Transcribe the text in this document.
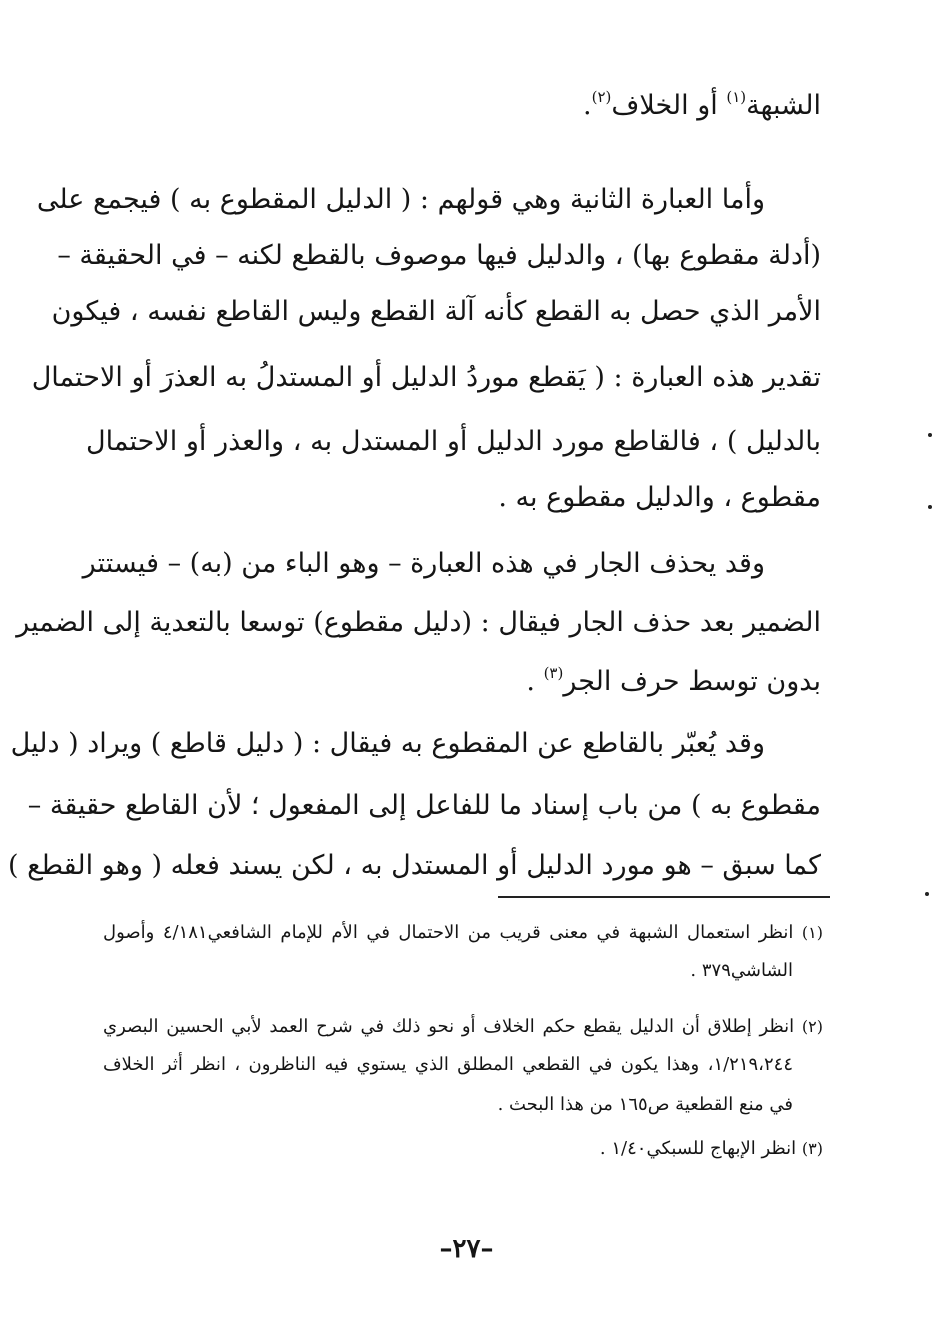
الشبهة$^{(١)}$ أو الخلاف$^{(٢)}$.
وأما العبارة الثانية وهي قولهم : ( الدليل المقطوع به ) فيجمع على
(أدلة مقطوع بها) ، والدليل فيها موصوف بالقطع لكنه – في الحقيقة –
الأمر الذي حصل به القطع كأنه آلة القطع وليس القاطع نفسه ، فيكون
تقدير هذه العبارة : ( يَقطع موردُ الدليل أو المستدلُ به العذرَ أو الاحتمال
بالدليل ) ، فالقاطع مورد الدليل أو المستدل به ، والعذر أو الاحتمال
مقطوع ، والدليل مقطوع به .
وقد يحذف الجار في هذه العبارة – وهو الباء من (به) – فيستتر
الضمير بعد حذف الجار فيقال : (دليل مقطوع) توسعا بالتعدية إلى الضمير
بدون توسط حرف الجر$^{(٣)}$ .
وقد يُعبّر بالقاطع عن المقطوع به فيقال : ( دليل قاطع ) ويراد ( دليل
مقطوع به ) من باب إسناد ما للفاعل إلى المفعول ؛ لأن القاطع حقيقة –
كما سبق – هو مورد الدليل أو المستدل به ، لكن يسند فعله ( وهو القطع )
(١) انظر استعمال الشبهة في معنى قريب من الاحتمال في الأم للإمام الشافعي٤/١٨١ وأصول
الشاشي٣٧٩ .
(٢) انظر إطلاق أن الدليل يقطع حكم الخلاف أو نحو ذلك في شرح العمد لأبي الحسين البصري
١/٢١٩،٢٤٤، وهذا يكون في القطعي المطلق الذي يستوي فيه الناظرون ، انظر أثر الخلاف
في منع القطعية ص١٦٥ من هذا البحث .
(٣) انظر الإبهاج للسبكي١/٤٠ .
–٢٧–
